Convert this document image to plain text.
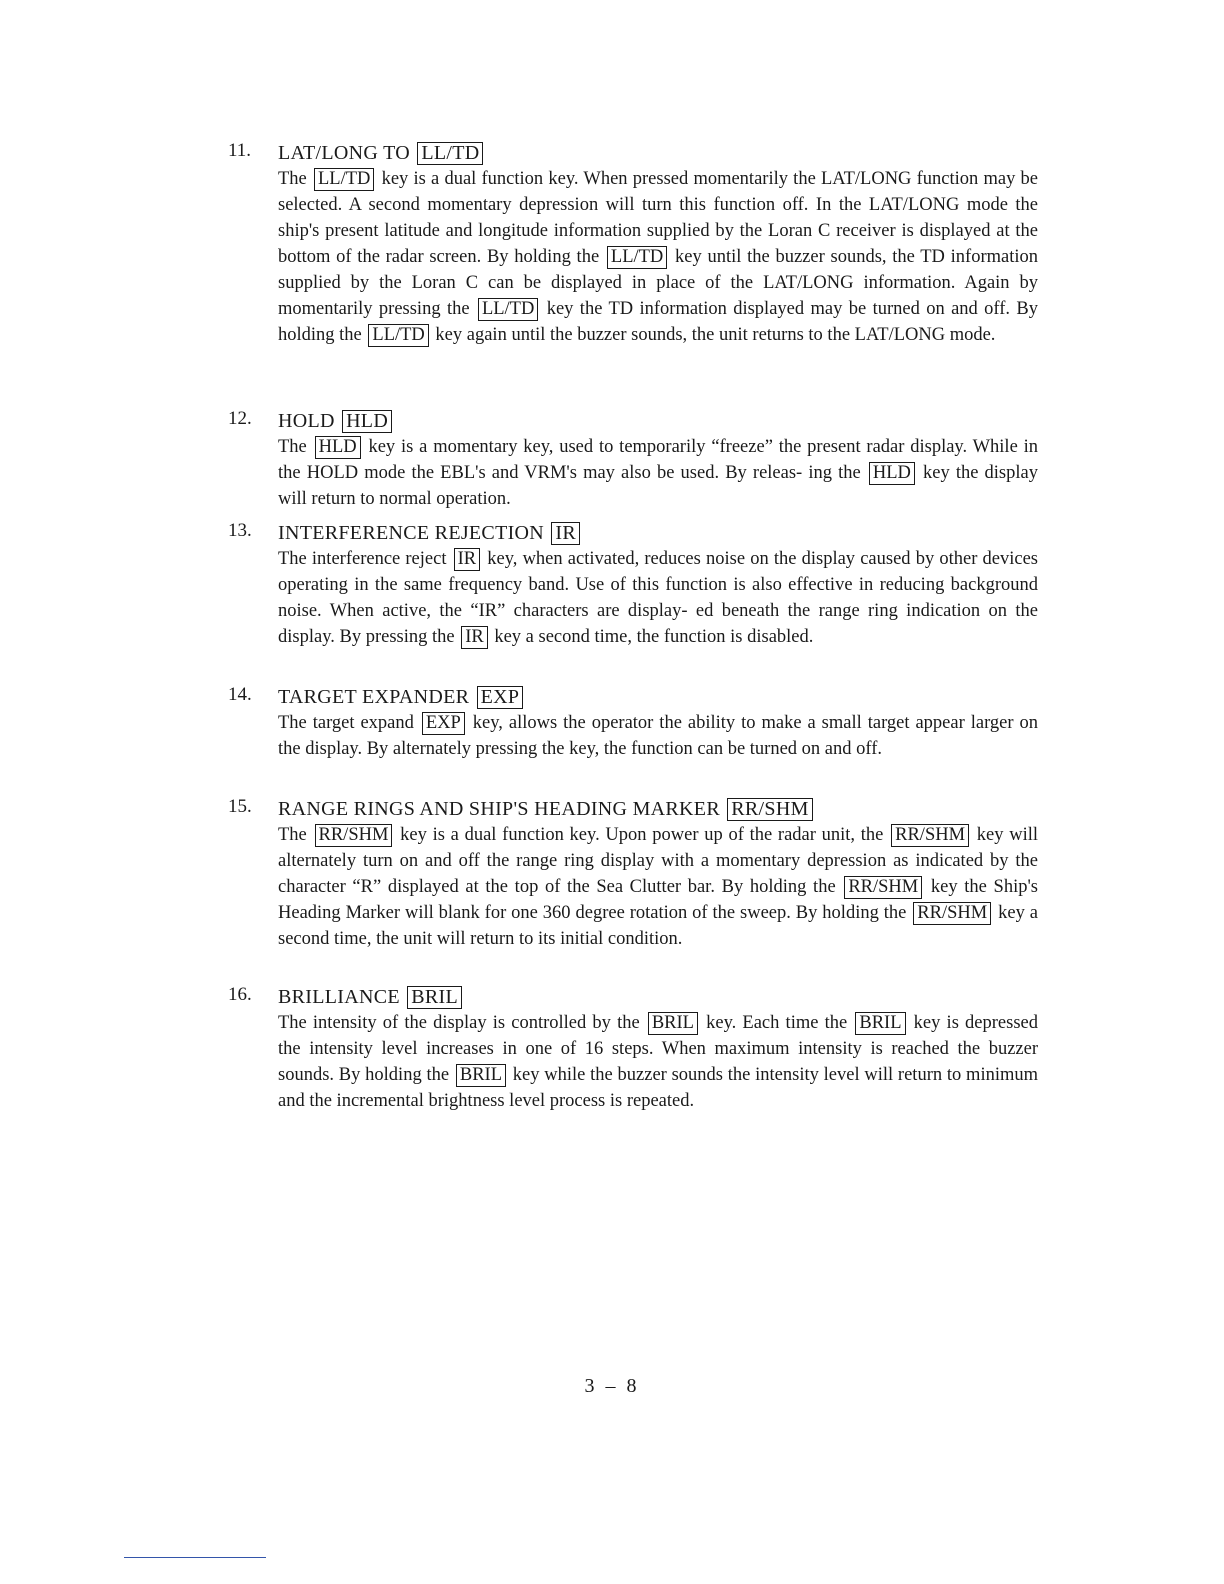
11.	LAT/LONG TO LL/TD
The LL/TD key is a dual function key. When pressed momentarily the LAT/LONG function may be selected. A second momentary depression will turn this function off. In the LAT/LONG mode the ship's present latitude and longitude information supplied by the Loran C receiver is displayed at the bottom of the radar screen. By holding the LL/TD key until the buzzer sounds, the TD information supplied by the Loran C can be displayed in place of the LAT/LONG information. Again by momentarily pressing the LL/TD key the TD information displayed may be turned on and off. By holding the LL/TD key again until the buzzer sounds, the unit returns to the LAT/LONG mode.
12.	HOLD HLD
The HLD key is a momentary key, used to temporarily “freeze” the present radar display. While in the HOLD mode the EBL's and VRM's may also be used. By releas- ing the HLD key the display will return to normal operation.
13.	INTERFERENCE REJECTION IR
The interference reject IR key, when activated, reduces noise on the display caused by other devices operating in the same frequency band. Use of this function is also effective in reducing background noise. When active, the “IR” characters are display- ed beneath the range ring indication on the display. By pressing the IR key a second time, the function is disabled.
14.	TARGET EXPANDER EXP
The target expand EXP key, allows the operator the ability to make a small target appear larger on the display. By alternately pressing the key, the function can be turned on and off.
15.	RANGE RINGS AND SHIP'S HEADING MARKER RR/SHM
The RR/SHM key is a dual function key. Upon power up of the radar unit, the RR/SHM key will alternately turn on and off the range ring display with a momentary depression as indicated by the character “R” displayed at the top of the Sea Clutter bar. By holding the RR/SHM key the Ship's Heading Marker will blank for one 360 degree rotation of the sweep. By holding the RR/SHM key a second time, the unit will return to its initial condition.
16.	BRILLIANCE BRIL
The intensity of the display is controlled by the BRIL key. Each time the BRIL key is depressed the intensity level increases in one of 16 steps. When maximum intensity is reached the buzzer sounds. By holding the BRIL key while the buzzer sounds the intensity level will return to minimum and the incremental brightness level process is repeated.
3 – 8
